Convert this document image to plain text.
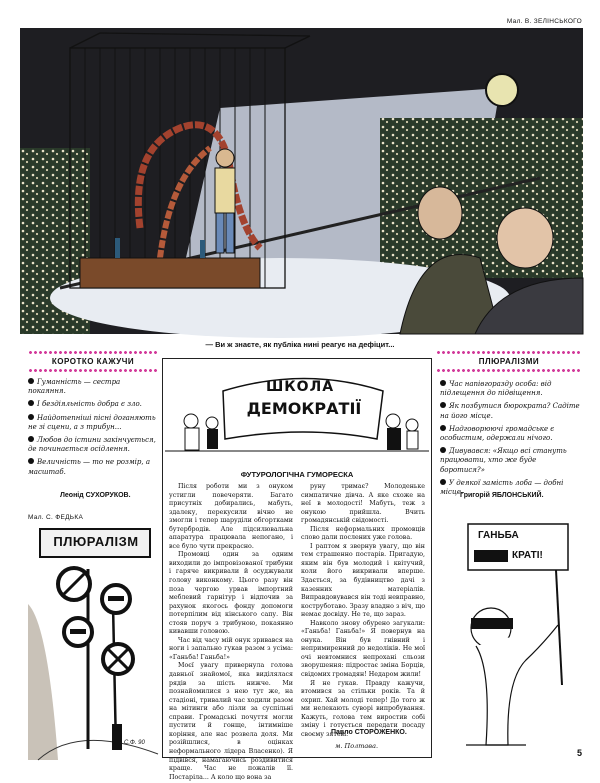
Мал. В. ЗЕЛІНСЬКОГО
— Ви ж знаєте, як публіка нині реагує на дефіцит...
КОРОТКО КАЖУЧИ
Гуманність — сестра покаяння.
І бездіяльність добра є зло.
Найдотепніші пісні доганяють не зі сцени, а з трибун...
Любов до істини закінчується, де починається осідлення.
Величність — то не розмір, а масштаб.
Леонід СУХОРУКОВ.
Мал. С. ФЕДЬКА
ПЛЮРАЛІЗМ
С.Ф. 90
ШКОЛА
ДЕМОКРАТІЇ
ФУТУРОЛОГІЧНА ГУМОРЕСКА

Після роботи ми з онуком устигли повечеряти. Багато присутніх добирались, мабуть, здалеку, перекусили вічно не змогли і тепер шаруділи обгортками бутербродів. Але підсилювальна апаратура працювала непогано, і все було чути прекрасно.

Промовці один за одним виходили до імпровізованої трибуни і гаряче викривали й осуджували голову виконкому. Цього разу він поза чергою урвав імпортний меблевий гарнітур і відпочив за рахунок якогось фонду допомоги потерпілим від кінського сапу. Він стояв поруч з трибуною, покаянно кивавши головою.

Час від часу мій онук зривався на ноги і запально гукав разом з усіма: «Ганьба! Ганьба!»

Моєї увагу привернула голова давньої знайомої, яка виділялася рядів за шість нижче. Ми познайомилися з нею тут же, на стадіоні, тривалий час ходили разом на мітинги або лізли за суспільні справи. Громадські почуття могли пустити й гонще, інтимніше коріння, але нас розвела доля. Ми розійшлися, в оцінках неформального лідера Власенко). Я підвівся, намагаючись роздивитися краще. Час не пожалів її. Постаріла... А коло що вона за

руну тримає? Молоденьке симпатичне дівча. А яке схоже на неї в молодості! Мабуть, теж з онукою прийшла. Вчить громадянській свідомості.

Після неформальних промовців слово дали послених уже голова.

І раптом я звернув увагу, що він тем страшенно постарів. Пригадую, яким він був молодий і квітучий, коли його викривали вперше. Здається, за будівництво дачі з казенних матеріалів. Виправдовувався він тоді невправно, коструботаво. Зразу владно з віч, що немає досвіду. Не те, що зараз.

Навколо знову обурено загукали: «Ганьба! Ганьба!» Я повернув на онука. Він був гнівний і непримиренний до недоліків. Не мої очі невтомнися непрохані сльози зворушення: підростає зміна Борців, свідомих громадян! Недаром жили!

Я не гукав. Правду кажучи, втомився за стільки років. Та й охрип. Хай молоді тепер! До того ж ми нелекають суворі випробування. Кажуть, голова тем виростив собі зміну і готується передати посаду своєму зятеві.

Павло СТОРОЖЕНКО.
м. Полтава.
ПЛЮРАЛІЗМИ
Час напівгоразду особа: від підлещення до підвіщення.
Як позбутися бюрократа? Садіте на його місце.
Надговорюючі громадське є особистим, одержали нічого.
Дивувався: «Якщо всі стануть працювати, хто же буде боротися?»
У деякої замість лоба — добні місце.
Григорій ЯБЛОНСЬКИЙ.
ГАНЬБА
КРАТІ!
5
